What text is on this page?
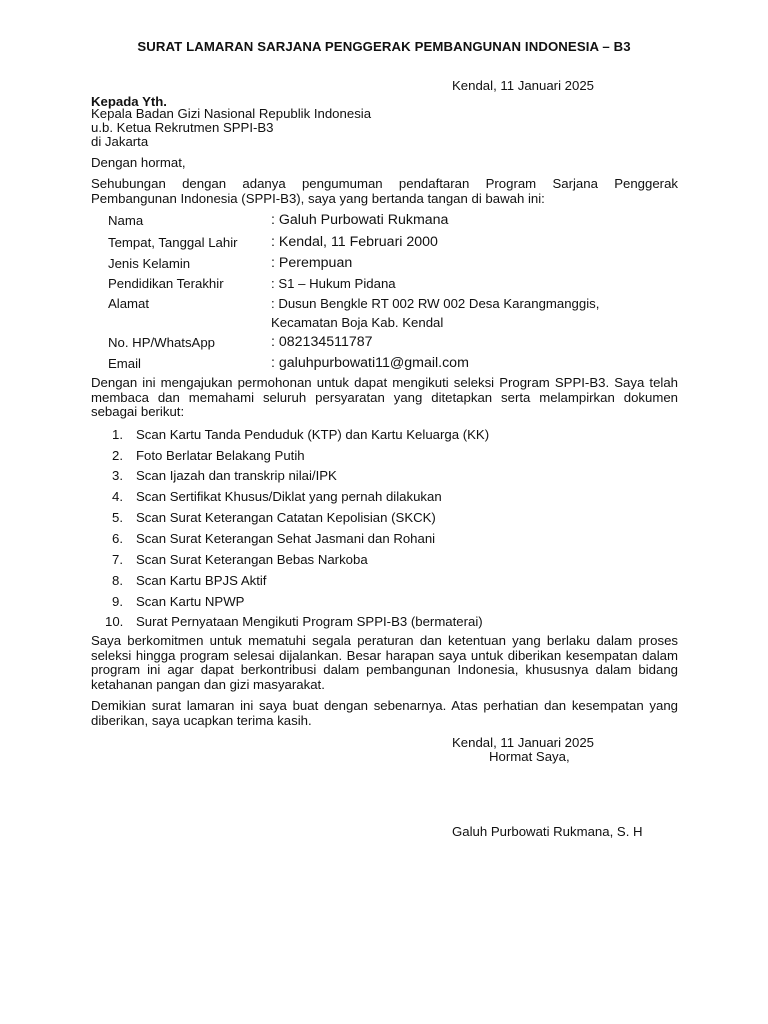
SURAT LAMARAN SARJANA PENGGERAK PEMBANGUNAN INDONESIA – B3
Kendal, 11 Januari 2025
Kepada Yth.
Kepala Badan Gizi Nasional Republik Indonesia
u.b. Ketua Rekrutmen SPPI-B3
di Jakarta
Dengan hormat,
Sehubungan dengan adanya pengumuman pendaftaran Program Sarjana Penggerak Pembangunan Indonesia (SPPI-B3), saya yang bertanda tangan di bawah ini:
Nama	: Galuh Purbowati Rukmana
Tempat, Tanggal Lahir : Kendal, 11 Februari 2000
Jenis Kelamin	: Perempuan
Pendidikan Terakhir	: S1 – Hukum Pidana
Alamat	: Dusun Bengkle RT 002 RW 002 Desa Karangmanggis,
Kecamatan Boja Kab. Kendal
No. HP/WhatsApp	: 082134511787
Email	: galuhpurbowati11@gmail.com
Dengan ini mengajukan permohonan untuk dapat mengikuti seleksi Program SPPI-B3. Saya telah membaca dan memahami seluruh persyaratan yang ditetapkan serta melampirkan dokumen sebagai berikut:
1. Scan Kartu Tanda Penduduk (KTP) dan Kartu Keluarga (KK)
2. Foto Berlatar Belakang Putih
3. Scan Ijazah dan transkrip nilai/IPK
4. Scan Sertifikat Khusus/Diklat yang pernah dilakukan
5. Scan Surat Keterangan Catatan Kepolisian (SKCK)
6. Scan Surat Keterangan Sehat Jasmani dan Rohani
7. Scan Surat Keterangan Bebas Narkoba
8. Scan Kartu BPJS Aktif
9. Scan Kartu NPWP
10. Surat Pernyataan Mengikuti Program SPPI-B3 (bermaterai)
Saya berkomitmen untuk mematuhi segala peraturan dan ketentuan yang berlaku dalam proses seleksi hingga program selesai dijalankan. Besar harapan saya untuk diberikan kesempatan dalam program ini agar dapat berkontribusi dalam pembangunan Indonesia, khususnya dalam bidang ketahanan pangan dan gizi masyarakat.
Demikian surat lamaran ini saya buat dengan sebenarnya. Atas perhatian dan kesempatan yang diberikan, saya ucapkan terima kasih.
Kendal, 11 Januari 2025
Hormat Saya,
Galuh Purbowati Rukmana, S. H
